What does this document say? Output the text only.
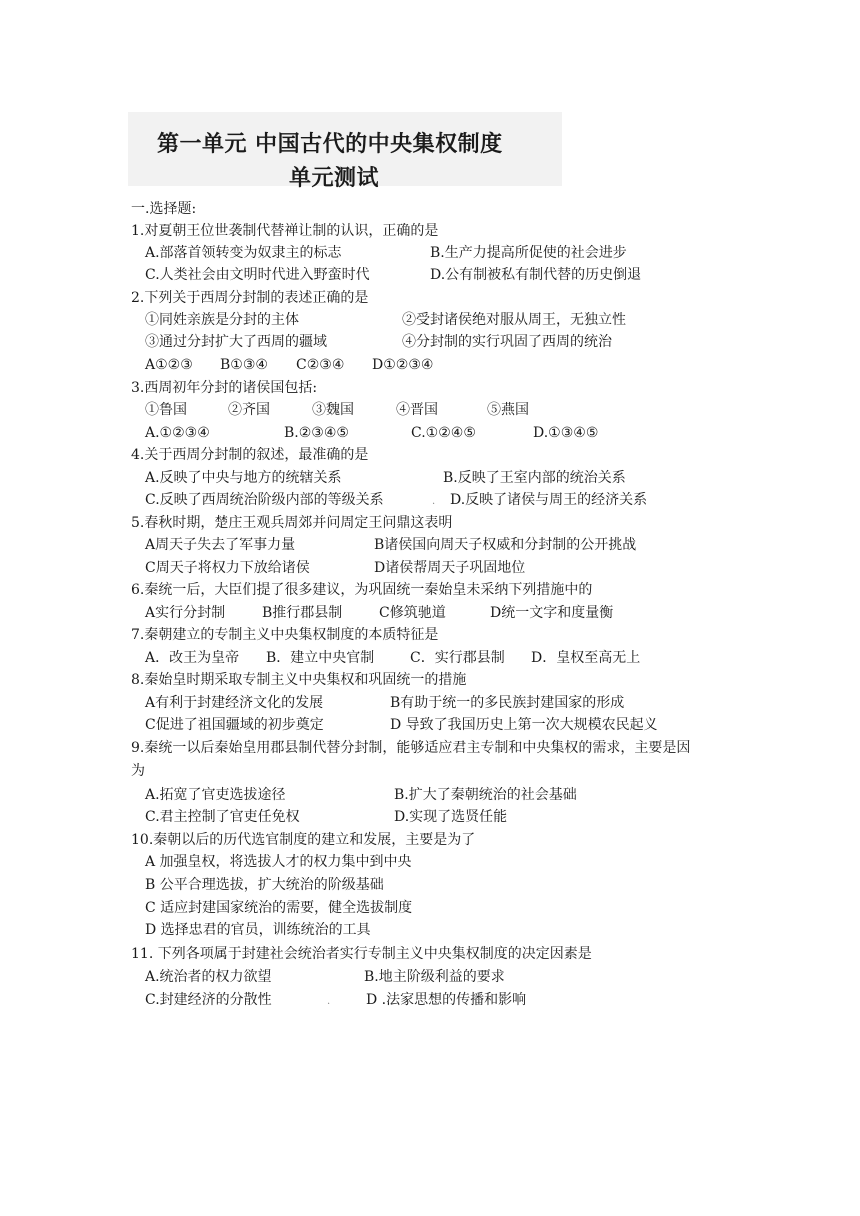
第一单元 中国古代的中央集权制度
单元测试
一.选择题:
1.对夏朝王位世袭制代替禅让制的认识，正确的是
A.部落首领转变为奴隶主的标志	B.生产力提高所促使的社会进步
C.人类社会由文明时代进入野蛮时代	D.公有制被私有制代替的历史倒退
2.下列关于西周分封制的表述正确的是
①同姓亲族是分封的主体	②受封诸侯绝对服从周王，无独立性
③通过分封扩大了西周的疆域	④分封制的实行巩固了西周的统治
A①②③ B①③④ C②③④ D①②③④
3.西周初年分封的诸侯国包括:
①鲁国	②齐国	③魏国	④晋国	⑤燕国
A.①②③④	B.②③④⑤	C.①②④⑤	D.①③④⑤
4.关于西周分封制的叙述，最准确的是
A.反映了中央与地方的统辖关系	B.反映了王室内部的统治关系
C.反映了西周统治阶级内部的等级关系	. D.反映了诸侯与周王的经济关系
5.春秋时期，楚庄王观兵周郊并问周定王问鼎这表明
A周天子失去了军事力量	B诸侯国向周天子权威和分封制的公开挑战
C周天子将权力下放给诸侯	D诸侯帮周天子巩固地位
6.秦统一后，大臣们提了很多建议，为巩固统一秦始皇未采纳下列措施中的
A实行分封制	B推行郡县制	C修筑驰道	D统一文字和度量衡
7.秦朝建立的专制主义中央集权制度的本质特征是
A．改王为皇帝 B．建立中央官制	C．实行郡县制 D．皇权至高无上
8.秦始皇时期采取专制主义中央集权和巩固统一的措施
A有利于封建经济文化的发展	B有助于统一的多民族封建国家的形成
C促进了祖国疆域的初步奠定	D 导致了我国历史上第一次大规模农民起义
9.秦统一以后秦始皇用郡县制代替分封制，能够适应君主专制和中央集权的需求，主要是因
为
A.拓宽了官吏选拔途径	B.扩大了秦朝统治的社会基础
C.君主控制了官吏任免权	D.实现了选贤任能
10.秦朝以后的历代选官制度的建立和发展，主要是为了
A 加强皇权，将选拔人才的权力集中到中央
B 公平合理选拔，扩大统治的阶级基础
C 适应封建国家统治的需要，健全选拔制度
D 选择忠君的官员，训练统治的工具
11. 下列各项属于封建社会统治者实行专制主义中央集权制度的决定因素是
A.统治者的权力欲望	B.地主阶级利益的要求
C.封建经济的分散性	.	D .法家思想的传播和影响
